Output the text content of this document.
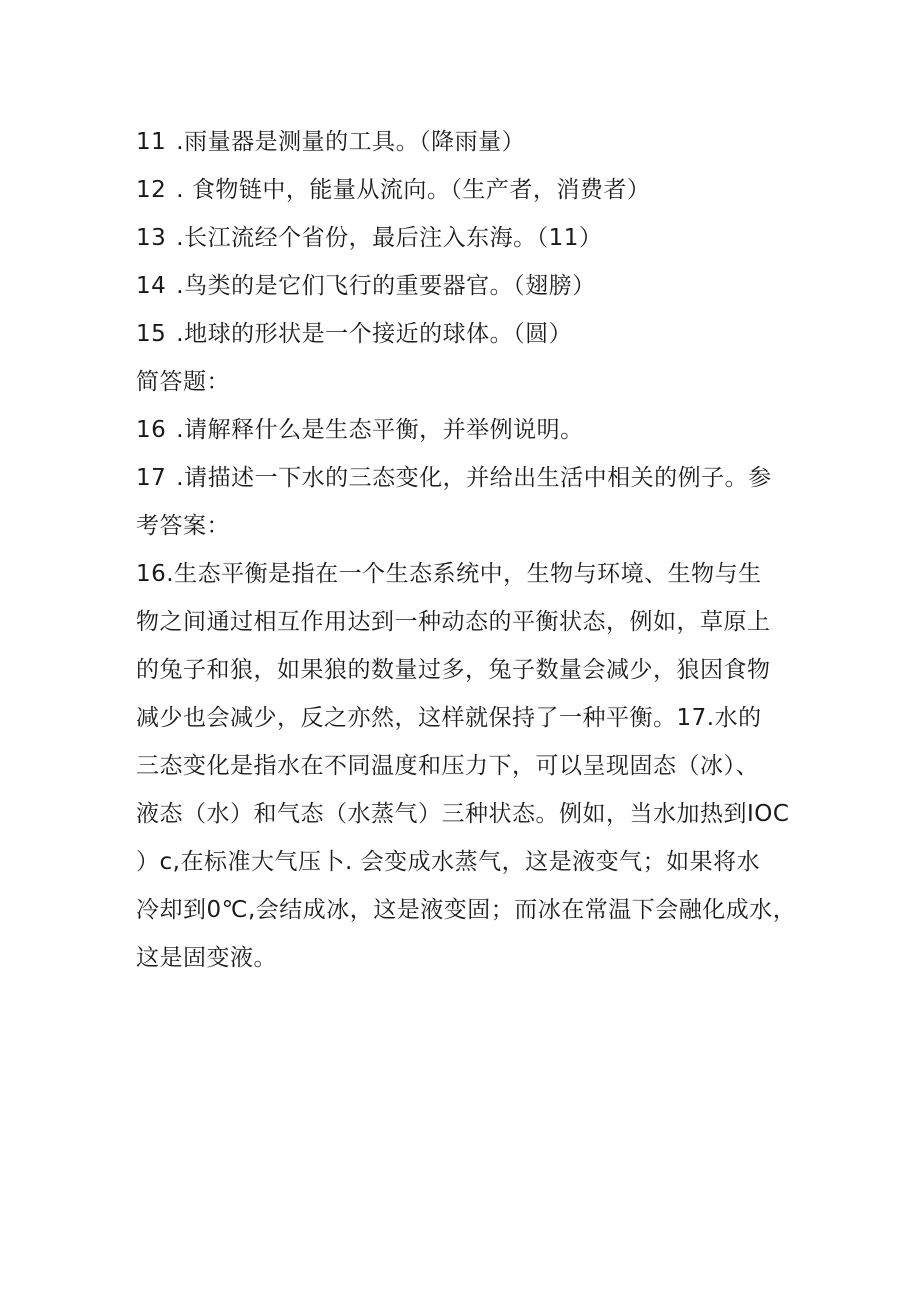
11 .雨量器是测量的工具。（降雨量）
12 . 食物链中，能量从流向。（生产者，消费者）
13 .长江流经个省份，最后注入东海。（11）
14 .鸟类的是它们飞行的重要器官。（翅膀）
15 .地球的形状是一个接近的球体。（圆）
简答题：
16 .请解释什么是生态平衡，并举例说明。
17 .请描述一下水的三态变化，并给出生活中相关的例子。参
考答案：
16.生态平衡是指在一个生态系统中，生物与环境、生物与生
物之间通过相互作用达到一种动态的平衡状态，例如，草原上
的兔子和狼，如果狼的数量过多，兔子数量会减少，狼因食物
减少也会减少，反之亦然，这样就保持了一种平衡。17.水的
三态变化是指水在不同温度和压力下，可以呈现固态（冰）、
液态（水）和气态（水蒸气）三种状态。例如，当水加热到IOC
）c,在标准大气压卜. 会变成水蒸气，这是液变气；如果将水
冷却到0℃,会结成冰，这是液变固；而冰在常温下会融化成水，
这是固变液。
